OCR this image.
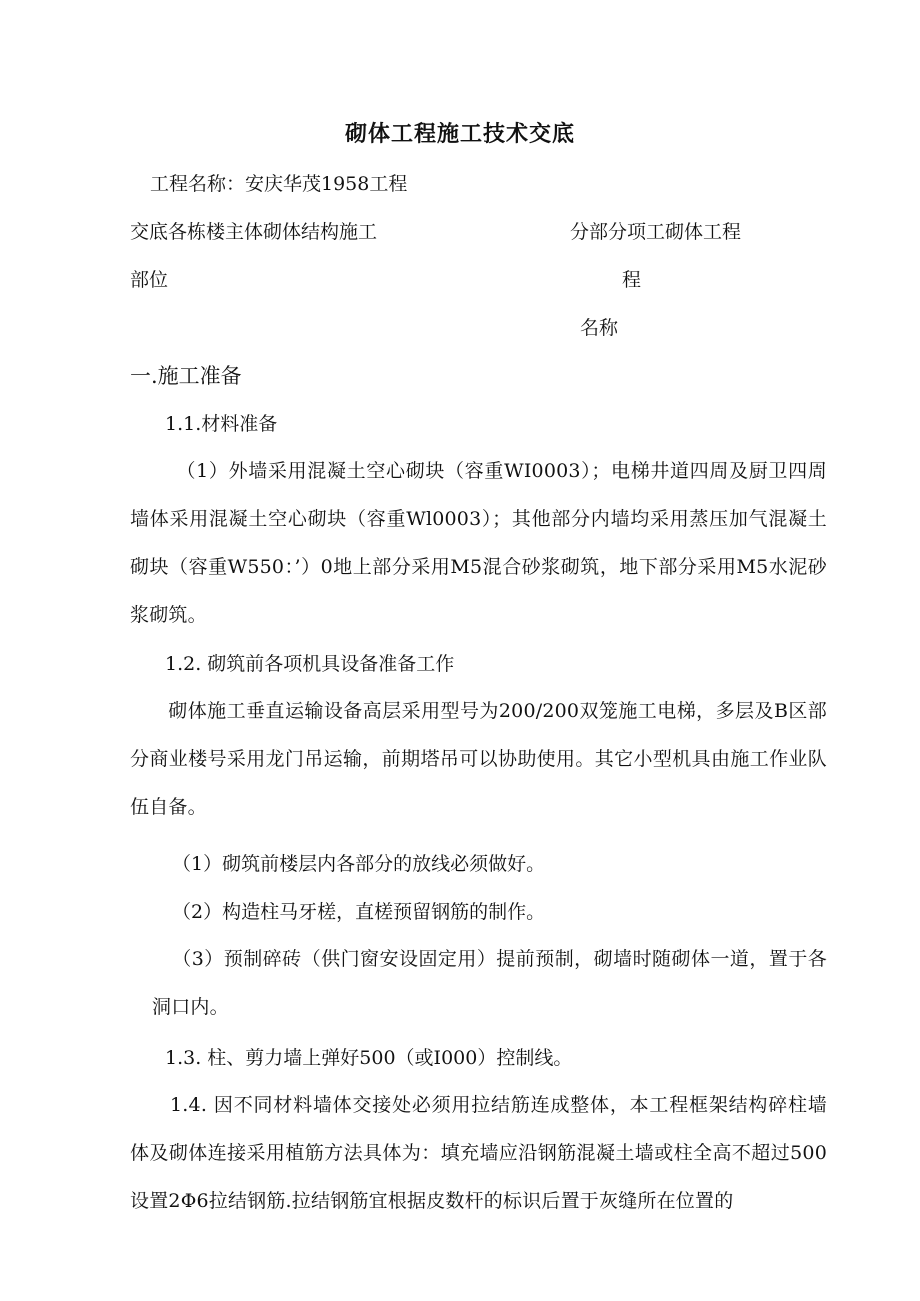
砌体工程施工技术交底
工程名称：安庆华茂1958工程
交底 各栋楼主体砌体结构施工
部位
分部分项 工砌体工程
程
名称
一.施工准备
1.1.材料准备
（1）外墙采用混凝土空心砌块（容重WI0003）；电梯井道四周及厨卫四周墙体采用混凝土空心砌块（容重Wl0003）；其他部分内墙均采用蒸压加气混凝土砌块（容重W550：’）0地上部分采用M5混合砂浆砌筑，地下部分采用M5水泥砂浆砌筑。
1.2. 砌筑前各项机具设备准备工作
砌体施工垂直运输设备高层采用型号为200/200双笼施工电梯，多层及B区部分商业楼号采用龙门吊运输，前期塔吊可以协助使用。其它小型机具由施工作业队伍自备。
（1）砌筑前楼层内各部分的放线必须做好。
（2）构造柱马牙槎，直槎预留钢筋的制作。
（3）预制碎砖（供门窗安设固定用）提前预制，砌墙时随砌体一道，置于各洞口内。
1.3. 柱、剪力墙上弹好500（或I000）控制线。
1.4. 因不同材料墙体交接处必须用拉结筋连成整体，本工程框架结构碎柱墙体及砌体连接采用植筋方法具体为：填充墙应沿钢筋混凝土墙或柱全高不超过500设置2Φ6拉结钢筋.拉结钢筋宜根据皮数杆的标识后置于灰缝所在位置的
